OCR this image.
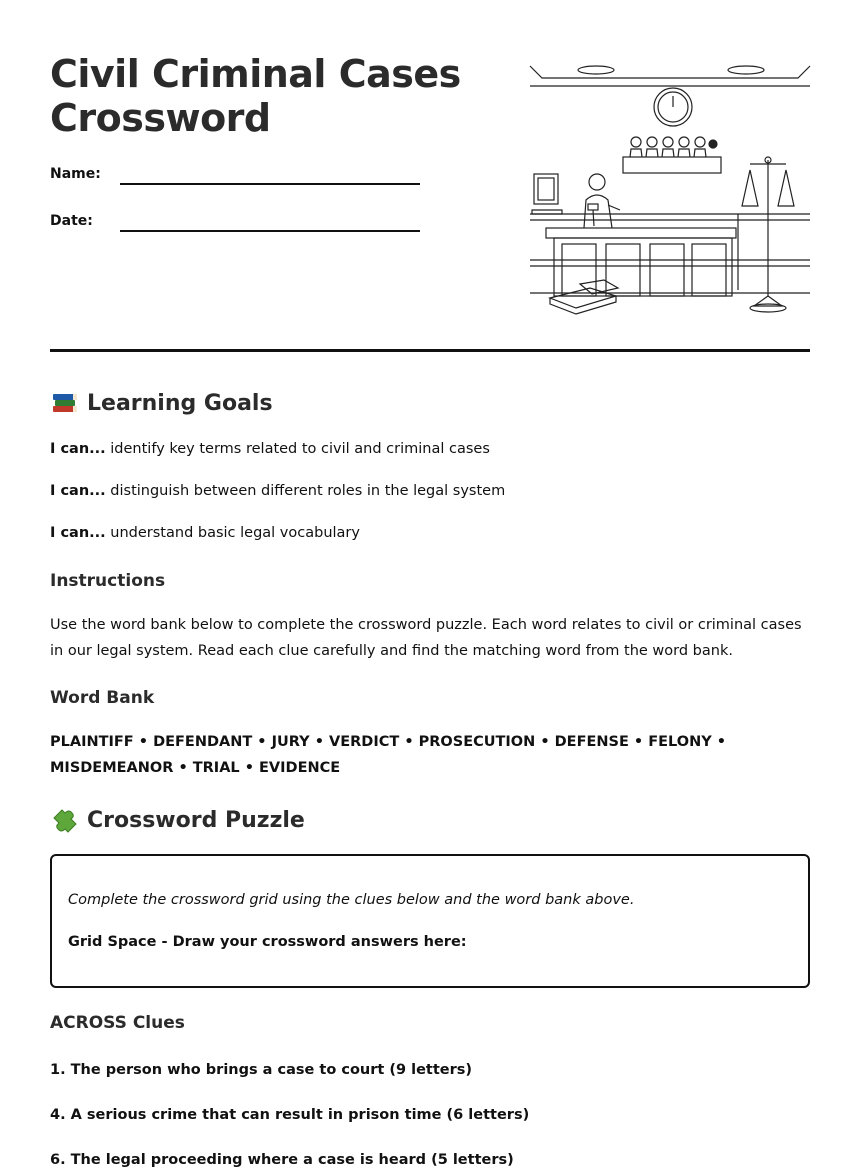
Civil Criminal Cases Crossword
Name:
Date:
Learning Goals
I can... identify key terms related to civil and criminal cases
I can... distinguish between different roles in the legal system
I can... understand basic legal vocabulary
Instructions

Use the word bank below to complete the crossword puzzle. Each word relates to civil or criminal cases in our legal system. Read each clue carefully and find the matching word from the word bank.

Word Bank

PLAINTIFF • DEFENDANT • JURY • VERDICT • PROSECUTION • DEFENSE • FELONY • MISDEMEANOR • TRIAL • EVIDENCE

Crossword Puzzle
Complete the crossword grid using the clues below and the word bank above.
Grid Space - Draw your crossword answers here:
ACROSS Clues
1. The person who brings a case to court (9 letters)
4. A serious crime that can result in prison time (6 letters)
6. The legal proceeding where a case is heard (5 letters)
